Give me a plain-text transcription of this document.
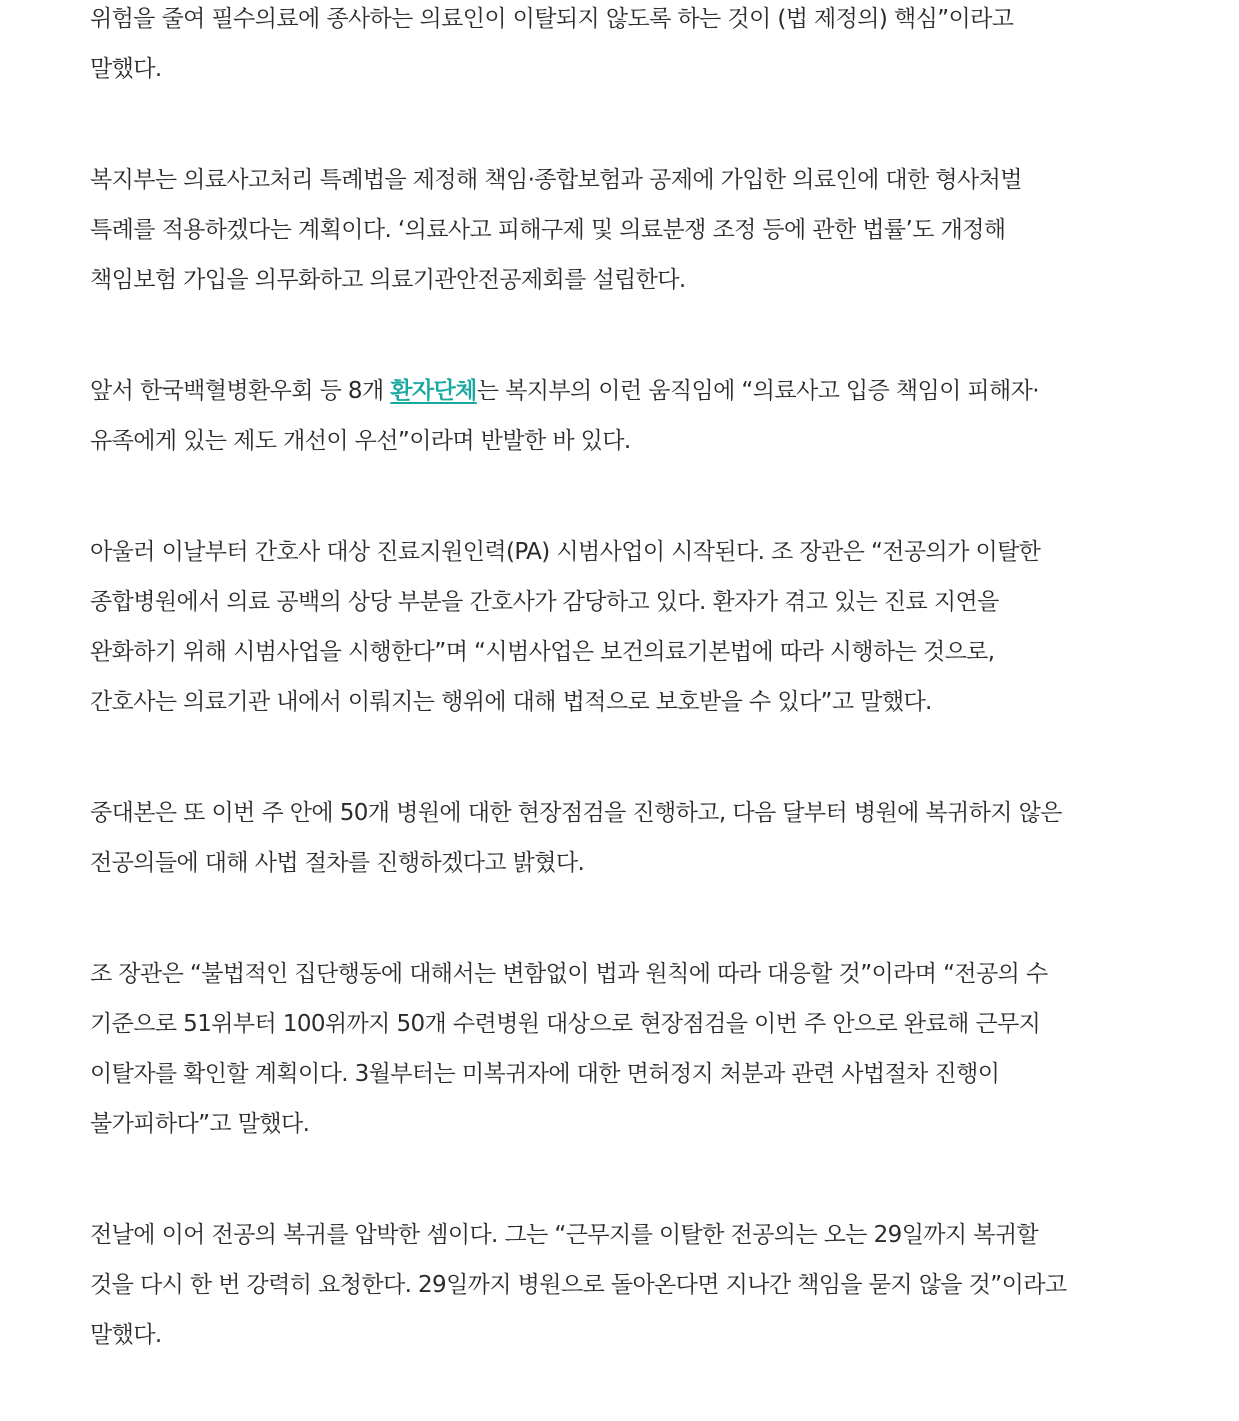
위험을 줄여 필수의료에 종사하는 의료인이 이탈되지 않도록 하는 것이 (법 제정의) 핵심”이라고
말했다.

복지부는 의료사고처리 특례법을 제정해 책임·종합보험과 공제에 가입한 의료인에 대한 형사처벌
특례를 적용하겠다는 계획이다. ‘의료사고 피해구제 및 의료분쟁 조정 등에 관한 법률’도 개정해
책임보험 가입을 의무화하고 의료기관안전공제회를 설립한다.

앞서 한국백혈병환우회 등 8개 환자단체는 복지부의 이런 움직임에 “의료사고 입증 책임이 피해자·
유족에게 있는 제도 개선이 우선”이라며 반발한 바 있다.

아울러 이날부터 간호사 대상 진료지원인력(PA) 시범사업이 시작된다. 조 장관은 “전공의가 이탈한
종합병원에서 의료 공백의 상당 부분을 간호사가 감당하고 있다. 환자가 겪고 있는 진료 지연을
완화하기 위해 시범사업을 시행한다”며 “시범사업은 보건의료기본법에 따라 시행하는 것으로,
간호사는 의료기관 내에서 이뤄지는 행위에 대해 법적으로 보호받을 수 있다”고 말했다.

중대본은 또 이번 주 안에 50개 병원에 대한 현장점검을 진행하고, 다음 달부터 병원에 복귀하지 않은
전공의들에 대해 사법 절차를 진행하겠다고 밝혔다.

조 장관은 “불법적인 집단행동에 대해서는 변함없이 법과 원칙에 따라 대응할 것”이라며 “전공의 수
기준으로 51위부터 100위까지 50개 수련병원 대상으로 현장점검을 이번 주 안으로 완료해 근무지
이탈자를 확인할 계획이다. 3월부터는 미복귀자에 대한 면허정지 처분과 관련 사법절차 진행이
불가피하다”고 말했다.

전날에 이어 전공의 복귀를 압박한 셈이다. 그는 “근무지를 이탈한 전공의는 오는 29일까지 복귀할
것을 다시 한 번 강력히 요청한다. 29일까지 병원으로 돌아온다면 지나간 책임을 묻지 않을 것”이라고
말했다.
